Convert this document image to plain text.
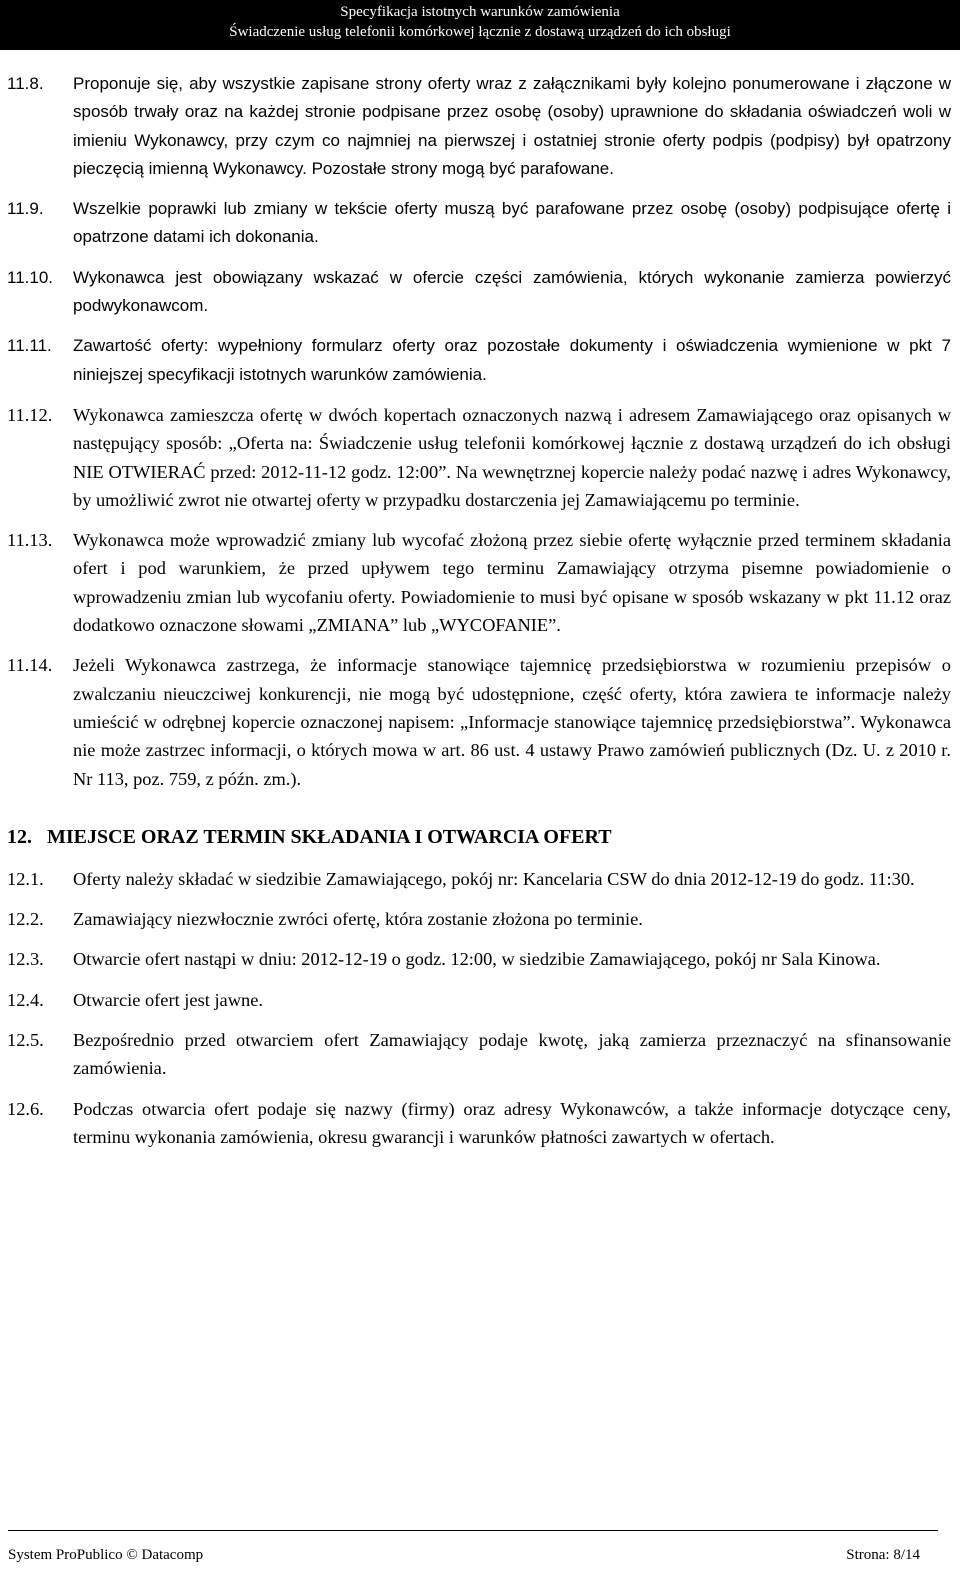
Specyfikacja istotnych warunków zamówienia
Świadczenie usług telefonii komórkowej łącznie z dostawą urządzeń do ich obsługi
11.8.	Proponuje się, aby wszystkie zapisane strony oferty wraz z załącznikami były kolejno ponumerowane i złączone w sposób trwały oraz na każdej stronie podpisane przez osobę (osoby) uprawnione do składania oświadczeń woli w imieniu Wykonawcy, przy czym co najmniej na pierwszej i ostatniej stronie oferty podpis (podpisy) był opatrzony pieczęcią imienną Wykonawcy. Pozostałe strony mogą być parafowane.
11.9.	Wszelkie poprawki lub zmiany w tekście oferty muszą być parafowane przez osobę (osoby) podpisujące ofertę i opatrzone datami ich dokonania.
11.10.	Wykonawca jest obowiązany wskazać w ofercie części zamówienia, których wykonanie zamierza powierzyć podwykonawcom.
11.11.	Zawartość oferty: wypełniony formularz oferty oraz pozostałe dokumenty i oświadczenia wymienione w pkt 7 niniejszej specyfikacji istotnych warunków zamówienia.
11.12.	Wykonawca zamieszcza ofertę w dwóch kopertach oznaczonych nazwą i adresem Zamawiającego oraz opisanych w następujący sposób: „Oferta na: Świadczenie usług telefonii komórkowej łącznie z dostawą urządzeń do ich obsługi NIE OTWIERAĆ przed: 2012-11-12 godz. 12:00”. Na wewnętrznej kopercie należy podać nazwę i adres Wykonawcy, by umożliwić zwrot nie otwartej oferty w przypadku dostarczenia jej Zamawiającemu po terminie.
11.13.	Wykonawca może wprowadzić zmiany lub wycofać złożoną przez siebie ofertę wyłącznie przed terminem składania ofert i pod warunkiem, że przed upływem tego terminu Zamawiający otrzyma pisemne powiadomienie o wprowadzeniu zmian lub wycofaniu oferty. Powiadomienie to musi być opisane w sposób wskazany w pkt 11.12 oraz dodatkowo oznaczone słowami „ZMIANA” lub „WYCOFANIE”.
11.14.	Jeżeli Wykonawca zastrzega, że informacje stanowiące tajemnicę przedsiębiorstwa w rozumieniu przepisów o zwalczaniu nieuczciwej konkurencji, nie mogą być udostępnione, część oferty, która zawiera te informacje należy umieścić w odrębnej kopercie oznaczonej napisem: „Informacje stanowiące tajemnicę przedsiębiorstwa”. Wykonawca nie może zastrzec informacji, o których mowa w art. 86 ust. 4 ustawy Prawo zamówień publicznych (Dz. U. z 2010 r. Nr 113, poz. 759, z późn. zm.).
12. MIEJSCE ORAZ TERMIN SKŁADANIA I OTWARCIA OFERT
12.1.	Oferty należy składać w siedzibie Zamawiającego, pokój nr: Kancelaria CSW do dnia 2012-12-19 do godz. 11:30.
12.2.	Zamawiający niezwłocznie zwróci ofertę, która zostanie złożona po terminie.
12.3.	Otwarcie ofert nastąpi w dniu: 2012-12-19 o godz. 12:00, w siedzibie Zamawiającego, pokój nr Sala Kinowa.
12.4.	Otwarcie ofert jest jawne.
12.5.	Bezpośrednio przed otwarciem ofert Zamawiający podaje kwotę, jaką zamierza przeznaczyć na sfinansowanie zamówienia.
12.6.	Podczas otwarcia ofert podaje się nazwy (firmy) oraz adresy Wykonawców, a także informacje dotyczące ceny, terminu wykonania zamówienia, okresu gwarancji i warunków płatności zawartych w ofertach.
System ProPublico © Datacomp	Strona: 8/14
